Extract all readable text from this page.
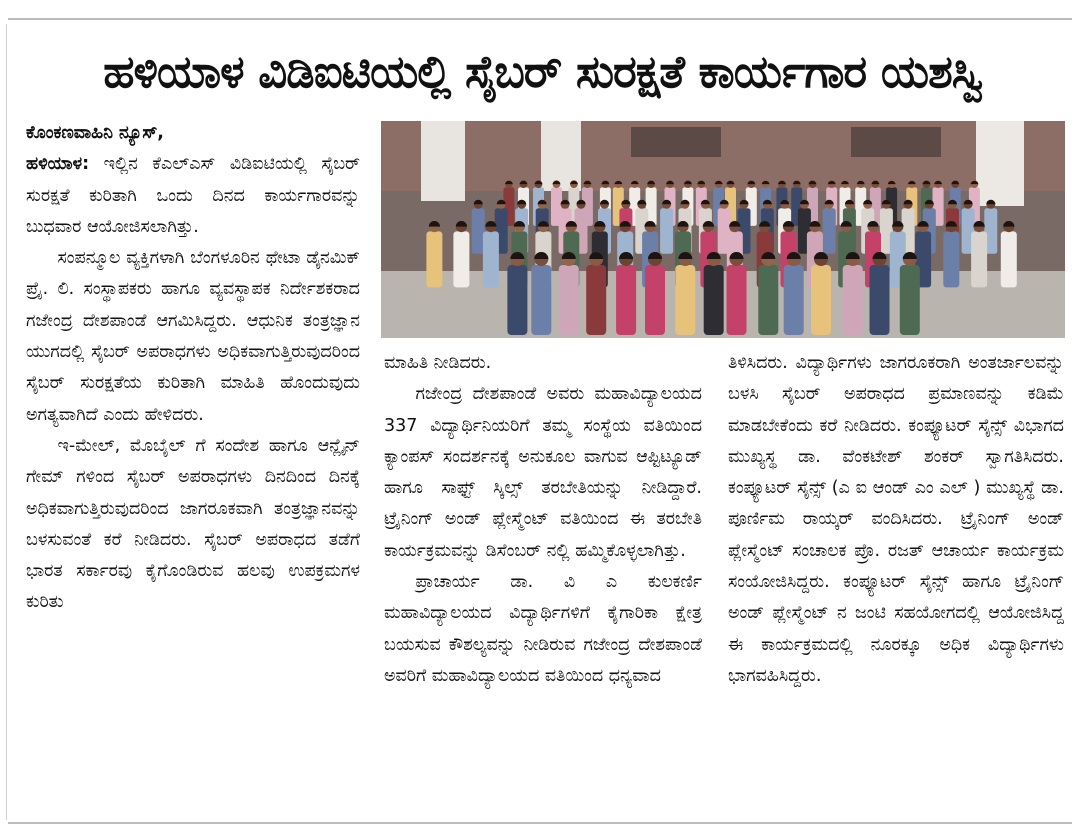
ಹಳಿಯಾಳ ವಿಡಿಐಟಿಯಲ್ಲಿ ಸೈಬರ್ ಸುರಕ್ಷತೆ ಕಾರ್ಯಗಾರ ಯಶಸ್ವಿ

ಕೊಂಕಣವಾಹಿನಿ ನ್ಯೂಸ್,

ಹಳಿಯಾಳ: ಇಲ್ಲಿನ ಕೆಎಲ್ಎಸ್ ವಿಡಿಐಟಿಯಲ್ಲಿ ಸೈಬರ್ ಸುರಕ್ಷತೆ ಕುರಿತಾಗಿ ಒಂದು ದಿನದ ಕಾರ್ಯಗಾರವನ್ನು ಬುಧವಾರ ಆಯೋಜಿಸಲಾಗಿತ್ತು.

ಸಂಪನ್ಮೂಲ ವ್ಯಕ್ತಿಗಳಾಗಿ ಬೆಂಗಳೂರಿನ ಥೇಟಾ ಡೈನಮಿಕ್ ಪ್ರೈ. ಲಿ. ಸಂಸ್ಥಾಪಕರು ಹಾಗೂ ವ್ಯವಸ್ಥಾಪಕ ನಿರ್ದೇಶಕರಾದ ಗಜೇಂದ್ರ ದೇಶಪಾಂಡೆ ಆಗಮಿಸಿದ್ದರು. ಆಧುನಿಕ ತಂತ್ರಜ್ಞಾನ ಯುಗದಲ್ಲಿ ಸೈಬರ್ ಅಪರಾಧಗಳು ಅಧಿಕವಾಗುತ್ತಿರುವುದರಿಂದ ಸೈಬರ್ ಸುರಕ್ಷತೆಯ ಕುರಿತಾಗಿ ಮಾಹಿತಿ ಹೊಂದುವುದು ಅಗತ್ಯವಾಗಿದೆ ಎಂದು ಹೇಳಿದರು.

ಇ-ಮೇಲ್, ಮೊಬೈಲ್ ಗೆ ಸಂದೇಶ ಹಾಗೂ ಆನ್ಲೈನ್ ಗೇಮ್ ಗಳಿಂದ ಸೈಬರ್ ಅಪರಾಧಗಳು ದಿನದಿಂದ ದಿನಕ್ಕೆ ಅಧಿಕವಾಗುತ್ತಿರುವುದರಿಂದ ಜಾಗರೂಕವಾಗಿ ತಂತ್ರಜ್ಞಾನವನ್ನು ಬಳಸುವಂತೆ ಕರೆ ನೀಡಿದರು. ಸೈಬರ್ ಅಪರಾಧದ ತಡೆಗೆ ಭಾರತ ಸರ್ಕಾರವು ಕೈಗೊಂಡಿರುವ ಹಲವು ಉಪಕ್ರಮಗಳ ಕುರಿತು

ಮಾಹಿತಿ ನೀಡಿದರು.

ಗಜೇಂದ್ರ ದೇಶಪಾಂಡೆ ಅವರು ಮಹಾವಿದ್ಯಾಲಯದ 337 ವಿದ್ಯಾರ್ಥಿನಿಯರಿಗೆ ತಮ್ಮ ಸಂಸ್ಥೆಯ ವತಿಯಿಂದ ಕ್ಯಾಂಪಸ್ ಸಂದರ್ಶನಕ್ಕೆ ಅನುಕೂಲ ವಾಗುವ ಆಪ್ಟಿಟ್ಯೂಡ್ ಹಾಗೂ ಸಾಫ್ಟ್ ಸ್ಕಿಲ್ಸ್ ತರಬೇತಿಯನ್ನು ನೀಡಿದ್ದಾರೆ. ಟ್ರೈನಿಂಗ್ ಅಂಡ್ ಪ್ಲೇಸ್ಮೆಂಟ್ ವತಿಯಿಂದ ಈ ತರಬೇತಿ ಕಾರ್ಯಕ್ರಮವನ್ನು ಡಿಸೆಂಬರ್ ನಲ್ಲಿ ಹಮ್ಮಿಕೊಳ್ಳಲಾಗಿತ್ತು.

ಪ್ರಾಚಾರ್ಯ ಡಾ. ವಿ ಎ ಕುಲಕರ್ಣಿ ಮಹಾವಿದ್ಯಾಲಯದ ವಿದ್ಯಾರ್ಥಿಗಳಿಗೆ ಕೈಗಾರಿಕಾ ಕ್ಷೇತ್ರ ಬಯಸುವ ಕೌಶಲ್ಯವನ್ನು ನೀಡಿರುವ ಗಜೇಂದ್ರ ದೇಶಪಾಂಡೆ ಅವರಿಗೆ ಮಹಾವಿದ್ಯಾಲಯದ ವತಿಯಿಂದ ಧನ್ಯವಾದ

ತಿಳಿಸಿದರು. ವಿದ್ಯಾರ್ಥಿಗಳು ಜಾಗರೂಕರಾಗಿ ಅಂತರ್ಜಾಲವನ್ನು ಬಳಸಿ ಸೈಬರ್ ಅಪರಾಧದ ಪ್ರಮಾಣವನ್ನು ಕಡಿಮೆ ಮಾಡಬೇಕೆಂದು ಕರೆ ನೀಡಿದರು. ಕಂಪ್ಯೂಟರ್ ಸೈನ್ಸ್ ವಿಭಾಗದ ಮುಖ್ಯಸ್ಥ ಡಾ. ವೆಂಕಟೇಶ್ ಶಂಕರ್ ಸ್ವಾಗತಿಸಿದರು. ಕಂಪ್ಯೂಟರ್ ಸೈನ್ಸ್ (ಎ ಐ ಆಂಡ್ ಎಂ ಎಲ್ ) ಮುಖ್ಯಸ್ಥೆ ಡಾ. ಪೂರ್ಣಿಮ ರಾಯ್ಕರ್ ವಂದಿಸಿದರು. ಟ್ರೈನಿಂಗ್ ಅಂಡ್ ಪ್ಲೇಸ್ಮೆಂಟ್ ಸಂಚಾಲಕ ಪ್ರೊ. ರಜತ್ ಆಚಾರ್ಯ ಕಾರ್ಯಕ್ರಮ ಸಂಯೋಜಿಸಿದ್ದರು. ಕಂಪ್ಯೂಟರ್ ಸೈನ್ಸ್ ಹಾಗೂ ಟ್ರೈನಿಂಗ್ ಅಂಡ್ ಪ್ಲೇಸ್ಮೆಂಟ್ ನ ಜಂಟಿ ಸಹಯೋಗದಲ್ಲಿ ಆಯೋಜಿಸಿದ್ದ ಈ ಕಾರ್ಯಕ್ರಮದಲ್ಲಿ ನೂರಕ್ಕೂ ಅಧಿಕ ವಿದ್ಯಾರ್ಥಿಗಳು ಭಾಗವಹಿಸಿದ್ದರು.
